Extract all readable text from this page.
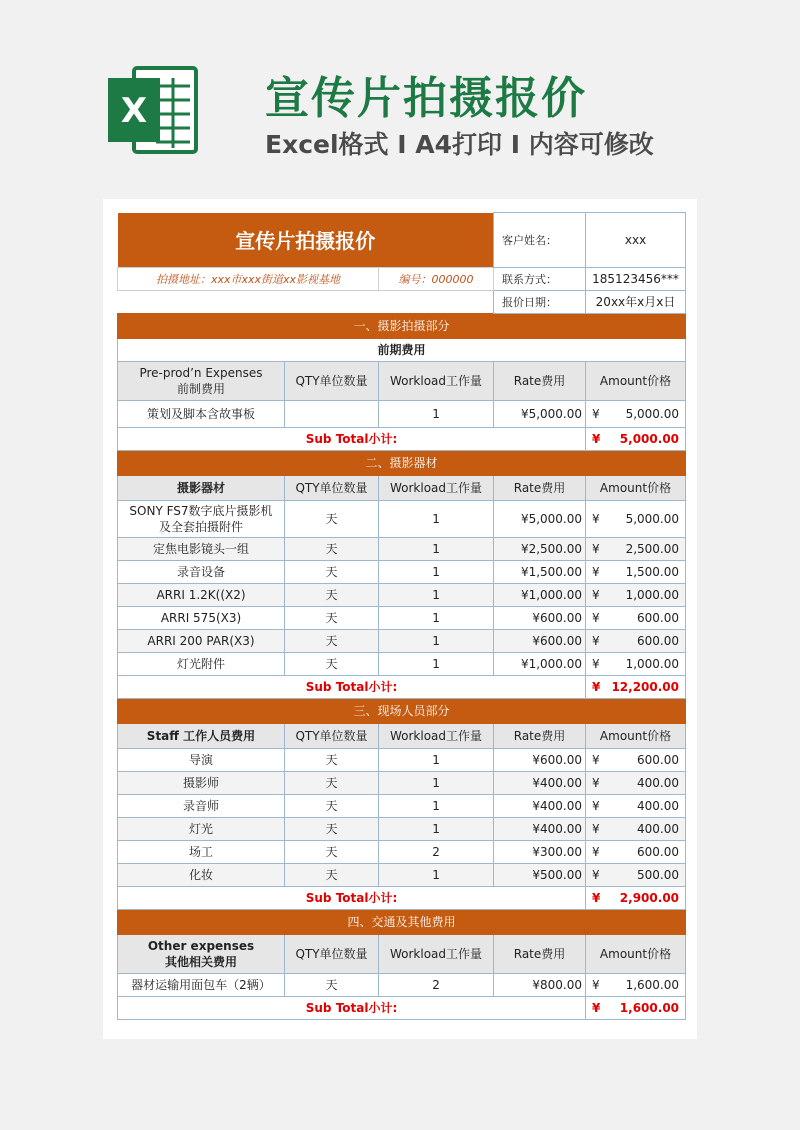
X	宣传片拍摄报价
Excel格式 I A4打印 I 内容可修改
宣传片拍摄报价			客户姓名：	xxx
拍摄地址：xxx市xxx街道xx影视基地		编号：000000	联系方式：	185123456***
			报价日期：	20xx年x月x日
一、摄影拍摄部分				
前期费用				
Pre-prod’n Expenses
前制费用	QTY单位数量	Workload工作量	Rate费用	Amount价格
策划及脚本含故事板		1	¥5,000.00	¥ 5,000.00

Sub Total小计:				¥ 5,000.00

二、摄影器材				
摄影器材	QTY单位数量	Workload工作量	Rate费用	Amount价格
SONY FS7数字底片摄影机
及全套拍摄附件	天	1	¥5,000.00	¥ 5,000.00

定焦电影镜头一组	天	1	¥2,500.00	¥ 2,500.00

录音设备	天	1	¥1,500.00	¥ 1,500.00

ARRI 1.2K((X2)	天	1	¥1,000.00	¥ 1,000.00

ARRI 575(X3)	天	1	¥600.00	¥ 600.00

ARRI 200 PAR(X3)	天	1	¥600.00	¥ 600.00

灯光附件	天	1	¥1,000.00	¥ 1,000.00

Sub Total小计:				¥ 12,200.00

三、现场人员部分				
Staff 工作人员费用	QTY单位数量	Workload工作量	Rate费用	Amount价格
导演	天	1	¥600.00	¥ 600.00

摄影师	天	1	¥400.00	¥ 400.00

录音师	天	1	¥400.00	¥ 400.00

灯光	天	1	¥400.00	¥ 400.00

场工	天	2	¥300.00	¥ 600.00

化妆	天	1	¥500.00	¥ 500.00

Sub Total小计:				¥ 2,900.00

四、交通及其他费用				
Other expenses
其他相关费用	QTY单位数量	Workload工作量	Rate费用	Amount价格
器材运输用面包车（2辆）	天	2	¥800.00	¥ 1,600.00

Sub Total小计:				¥ 1,600.00
